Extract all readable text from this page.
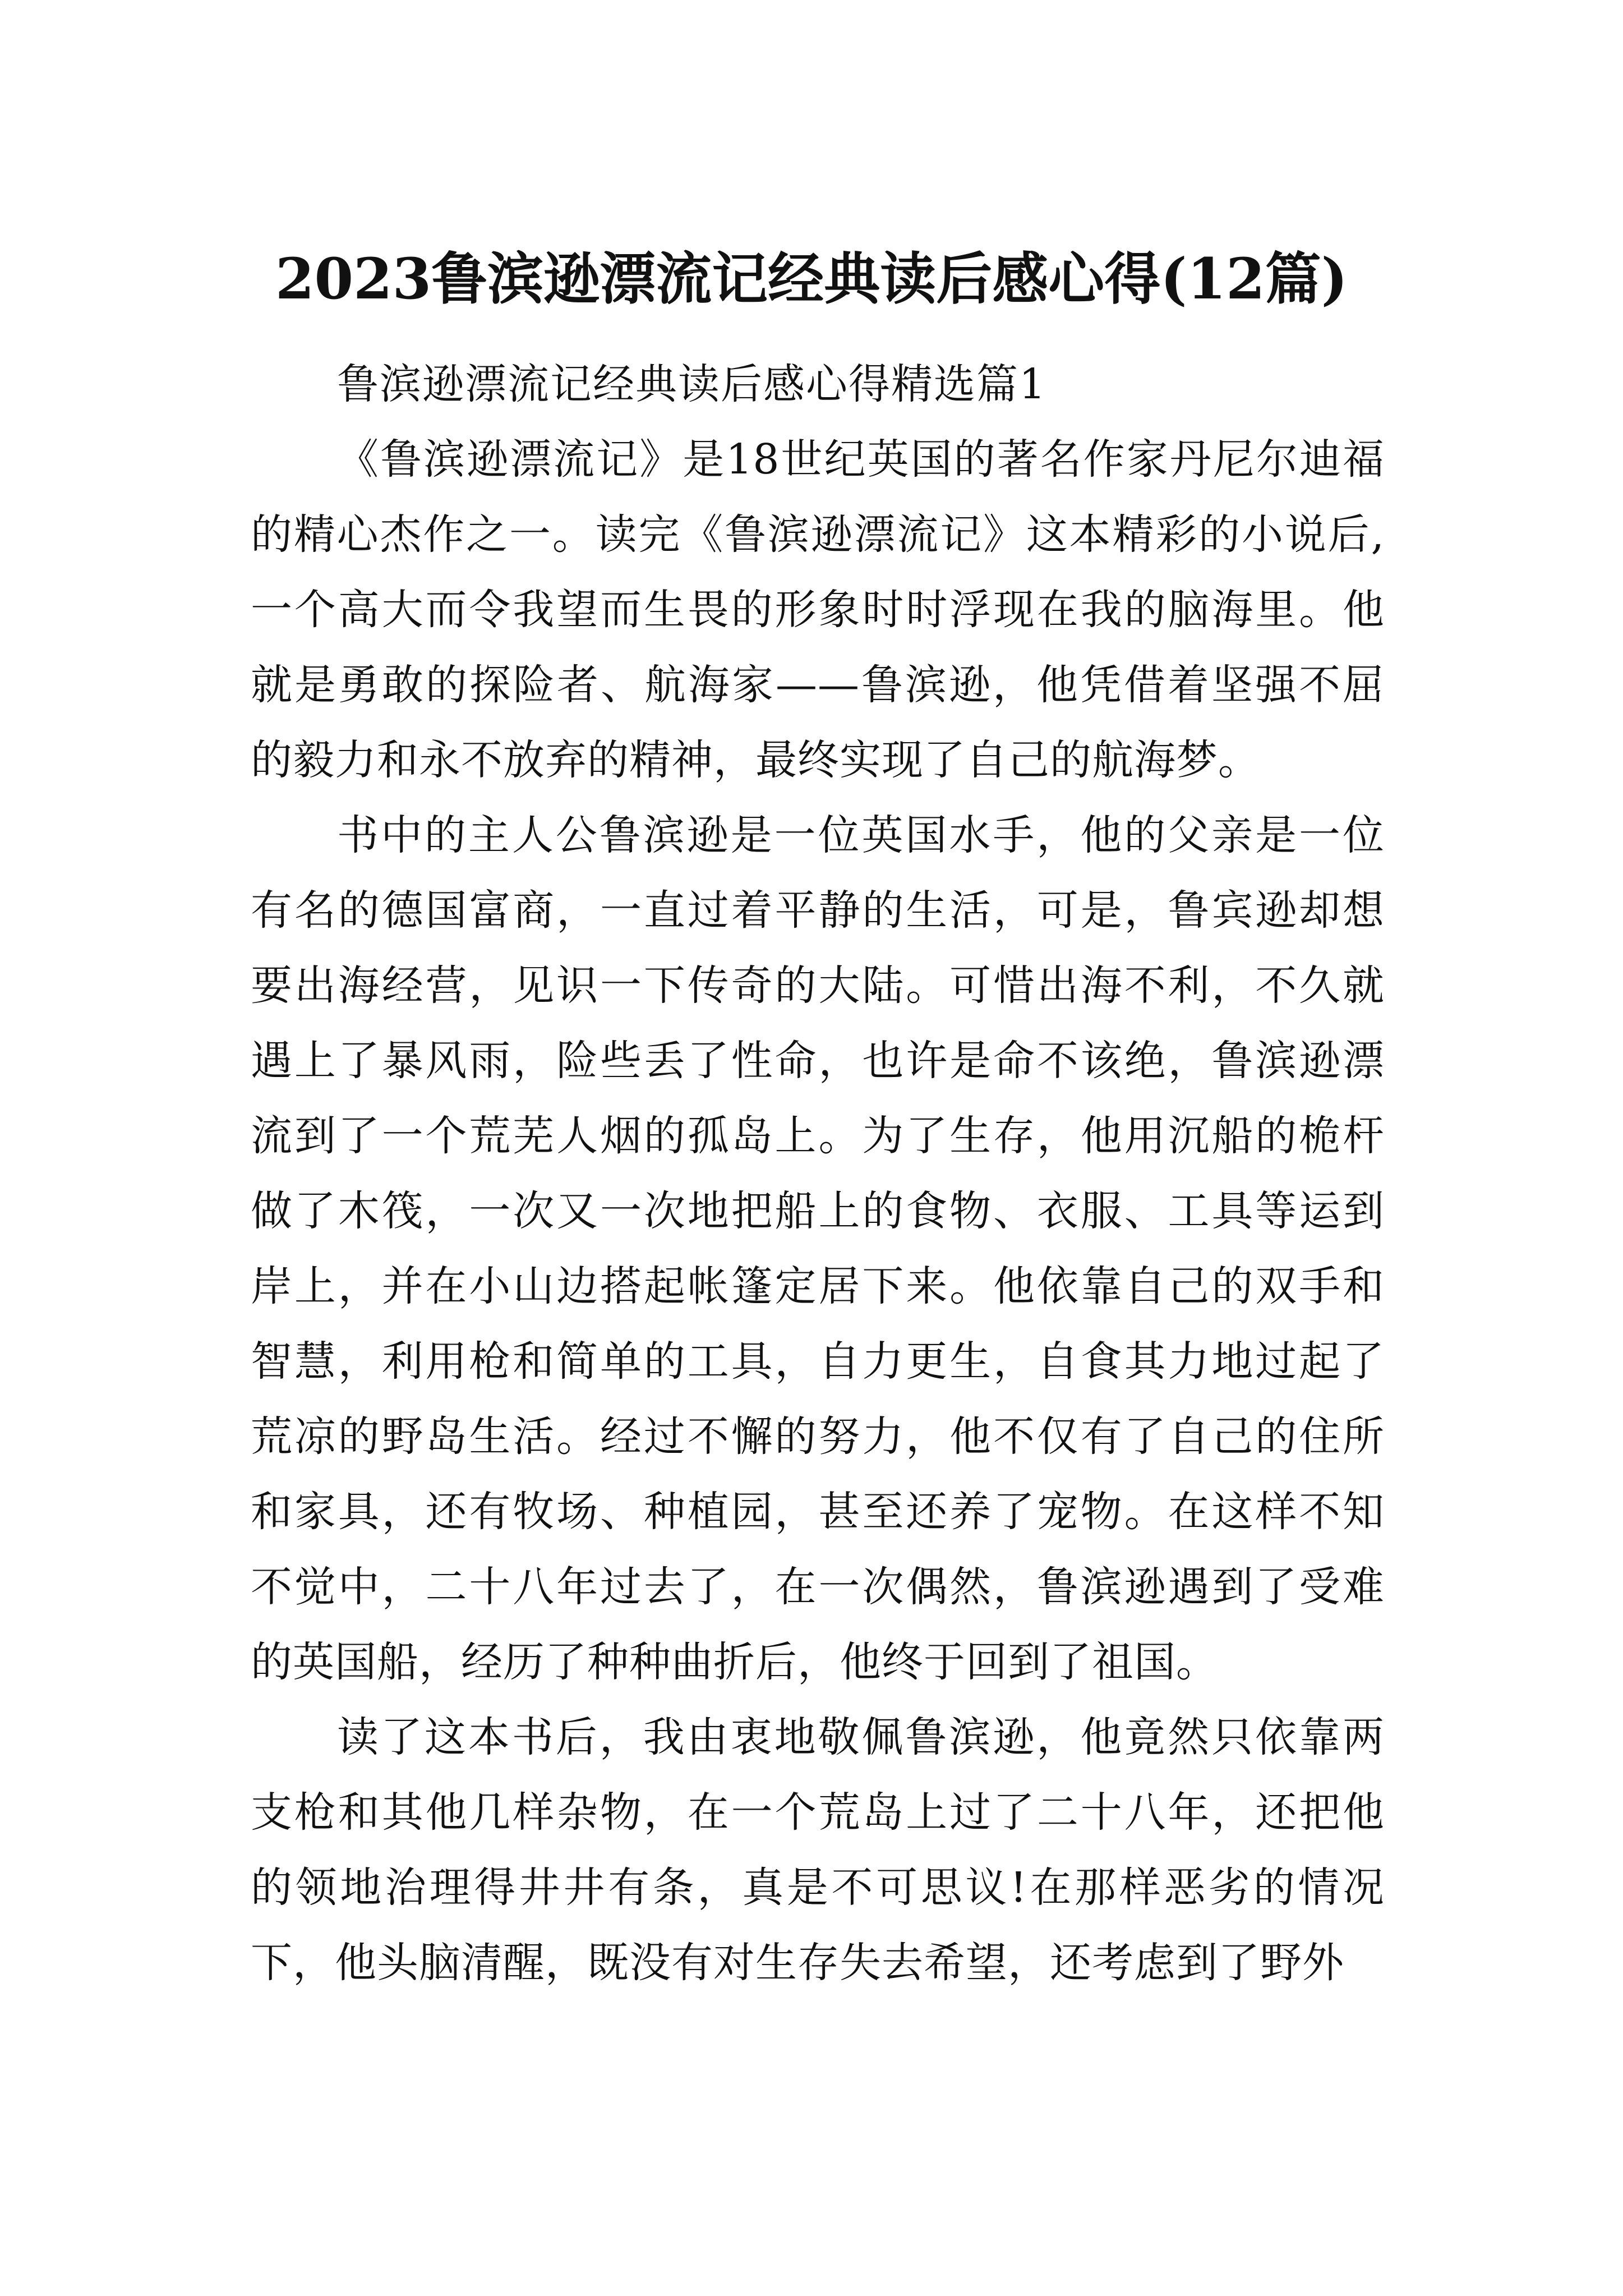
2023鲁滨逊漂流记经典读后感心得(12篇)

鲁滨逊漂流记经典读后感心得精选篇1

《鲁滨逊漂流记》是18世纪英国的著名作家丹尼尔迪福的精心杰作之一。读完《鲁滨逊漂流记》这本精彩的小说后,一个高大而令我望而生畏的形象时时浮现在我的脑海里。他就是勇敢的探险者、航海家——鲁滨逊，他凭借着坚强不屈的毅力和永不放弃的精神，最终实现了自己的航海梦。

书中的主人公鲁滨逊是一位英国水手，他的父亲是一位有名的德国富商，一直过着平静的生活，可是，鲁宾逊却想要出海经营，见识一下传奇的大陆。可惜出海不利，不久就遇上了暴风雨，险些丢了性命，也许是命不该绝，鲁滨逊漂流到了一个荒芜人烟的孤岛上。为了生存，他用沉船的桅杆做了木筏，一次又一次地把船上的食物、衣服、工具等运到岸上，并在小山边搭起帐篷定居下来。他依靠自己的双手和智慧，利用枪和简单的工具，自力更生，自食其力地过起了荒凉的野岛生活。经过不懈的努力，他不仅有了自己的住所和家具，还有牧场、种植园，甚至还养了宠物。在这样不知不觉中，二十八年过去了，在一次偶然，鲁滨逊遇到了受难的英国船，经历了种种曲折后，他终于回到了祖国。

读了这本书后，我由衷地敬佩鲁滨逊，他竟然只依靠两支枪和其他几样杂物，在一个荒岛上过了二十八年，还把他的领地治理得井井有条，真是不可思议!在那样恶劣的情况下，他头脑清醒，既没有对生存失去希望，还考虑到了野外
